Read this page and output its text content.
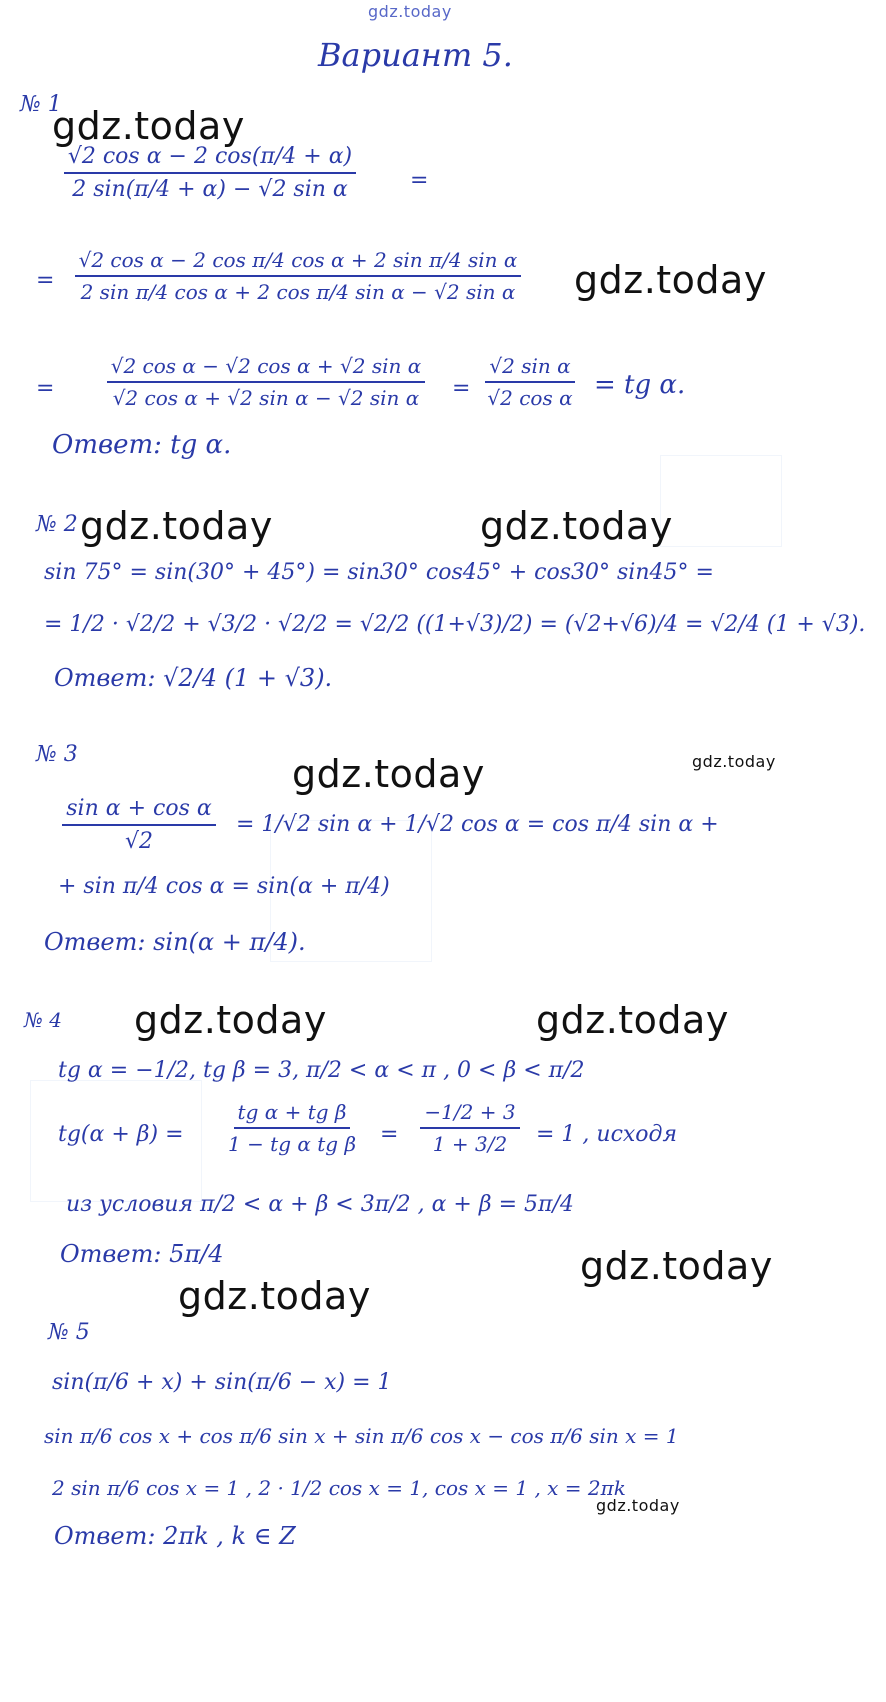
gdz.today
Вариант 5.
№ 1
gdz.today
$\frac{\text{√2 cos α − 2 cos(π/4 + α)}}{\text{2 sin(π/4 + α) − √2 sin α}}$ =
= $\frac{\text{√2 cos α − 2 cos π/4 cos α + 2 sin π/4 sin α}}{\text{2 sin π/4 cos α + 2 cos π/4 sin α − √2 sin α}}$ gdz.today
= $\frac{\text{√2 cos α − √2 cos α + √2 sin α}}{\text{√2 cos α + √2 sin α − √2 sin α}} = \frac{\text{√2 sin α}}{\text{√2 cos α}}$ = tg α.
Ответ: tg α.
№ 2 gdz.today	gdz.today
sin 75° = sin(30° + 45°) = sin30° cos45° + cos30° sin45° =
= 1/2 · √2/2 + √3/2 · √2/2 = √2/2 ((1+√3)/2) = (√2+√6)/4 = √2/4 (1 + √3).
Ответ: √2/4 (1 + √3).
№ 3	gdz.today	gdz.today
$\frac{\text{sin α + cos α}}{√2} = 1/√2$ sin α + 1/√2 cos α = cos π/4 sin α +
+ sin π/4 cos α = sin(α + π/4)
Ответ: sin(α + π/4).
№ 4 gdz.today	gdz.today
tg α = −1/2, tg β = 3, π/2 < α < π , 0 < β < π/2
$tg(\alpha + \beta) = \frac{\text{tg α + tg β}}{\text{1 − tg α tg β}} = \frac{-1/2 + 3}{1 + 3/2} = 1$ , исходя
из условия π/2 < α + β < 3π/2 , α + β = 5π/4
Ответ: 5π/4	gdz.today
gdz.today
№ 5
sin(π/6 + x) + sin(π/6 − x) = 1
sin π/6 cos x + cos π/6 sin x + sin π/6 cos x − cos π/6 sin x = 1
2 sin π/6 cos x = 1 , 2 · 1/2 cos x = 1, cos x = 1 , x = 2πk
gdz.today
Ответ: 2πk , k ∈ Z
